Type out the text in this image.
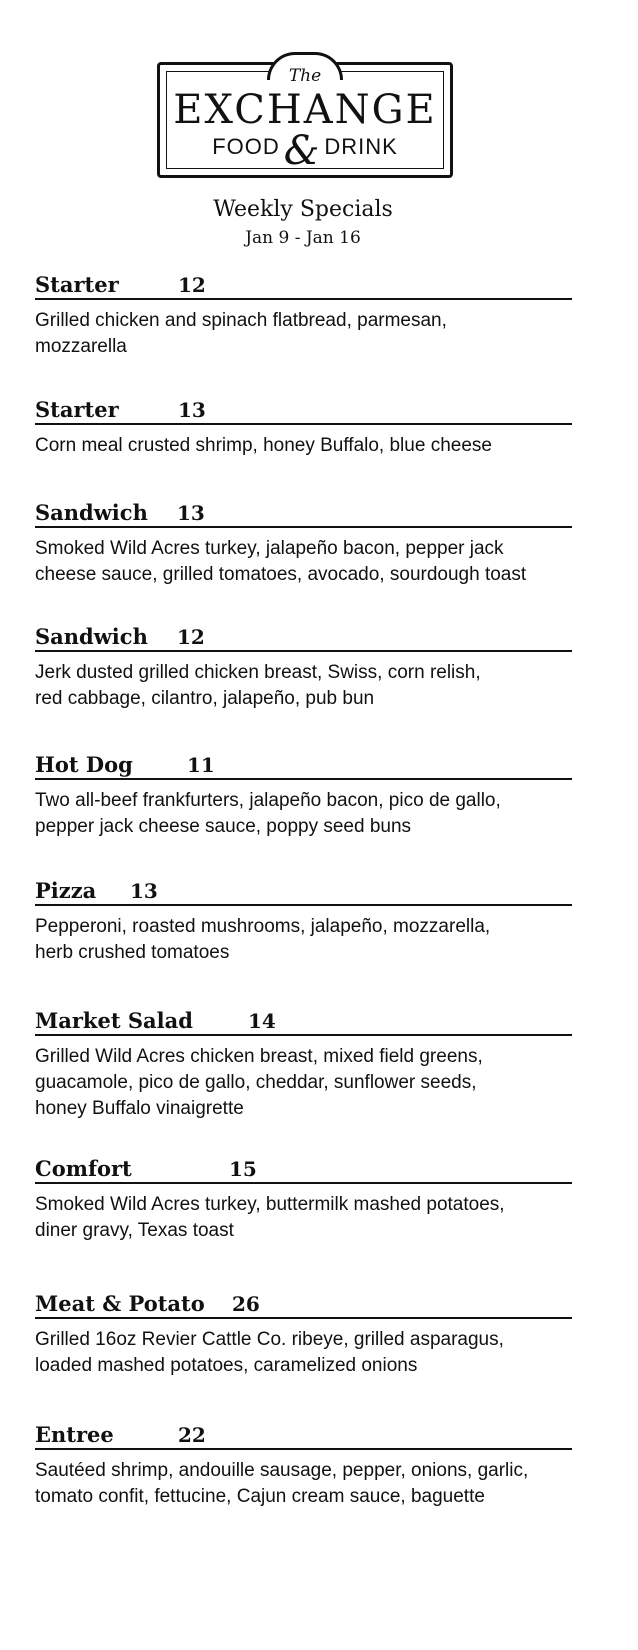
The
EXCHANGE
FOOD & DRINK
Weekly Specials
Jan 9 - Jan 16
Starter	12
Grilled chicken and spinach flatbread, parmesan,
mozzarella
Starter	13
Corn meal crusted shrimp, honey Buffalo, blue cheese
Sandwich 13
Smoked Wild Acres turkey, jalapeño bacon, pepper jack
cheese sauce, grilled tomatoes, avocado, sourdough toast
Sandwich 12
Jerk dusted grilled chicken breast, Swiss, corn relish,
red cabbage, cilantro, jalapeño, pub bun
Hot Dog	11
Two all-beef frankfurters, jalapeño bacon, pico de gallo,
pepper jack cheese sauce, poppy seed buns
Pizza 13
Pepperoni, roasted mushrooms, jalapeño, mozzarella,
herb crushed tomatoes
Market Salad	14
Grilled Wild Acres chicken breast, mixed field greens,
guacamole, pico de gallo, cheddar, sunflower seeds,
honey Buffalo vinaigrette
Comfort	15
Smoked Wild Acres turkey, buttermilk mashed potatoes,
diner gravy, Texas toast
Meat & Potato 26
Grilled 16oz Revier Cattle Co. ribeye, grilled asparagus,
loaded mashed potatoes, caramelized onions
Entree	22
Sautéed shrimp, andouille sausage, pepper, onions, garlic,
tomato confit, fettucine, Cajun cream sauce, baguette
